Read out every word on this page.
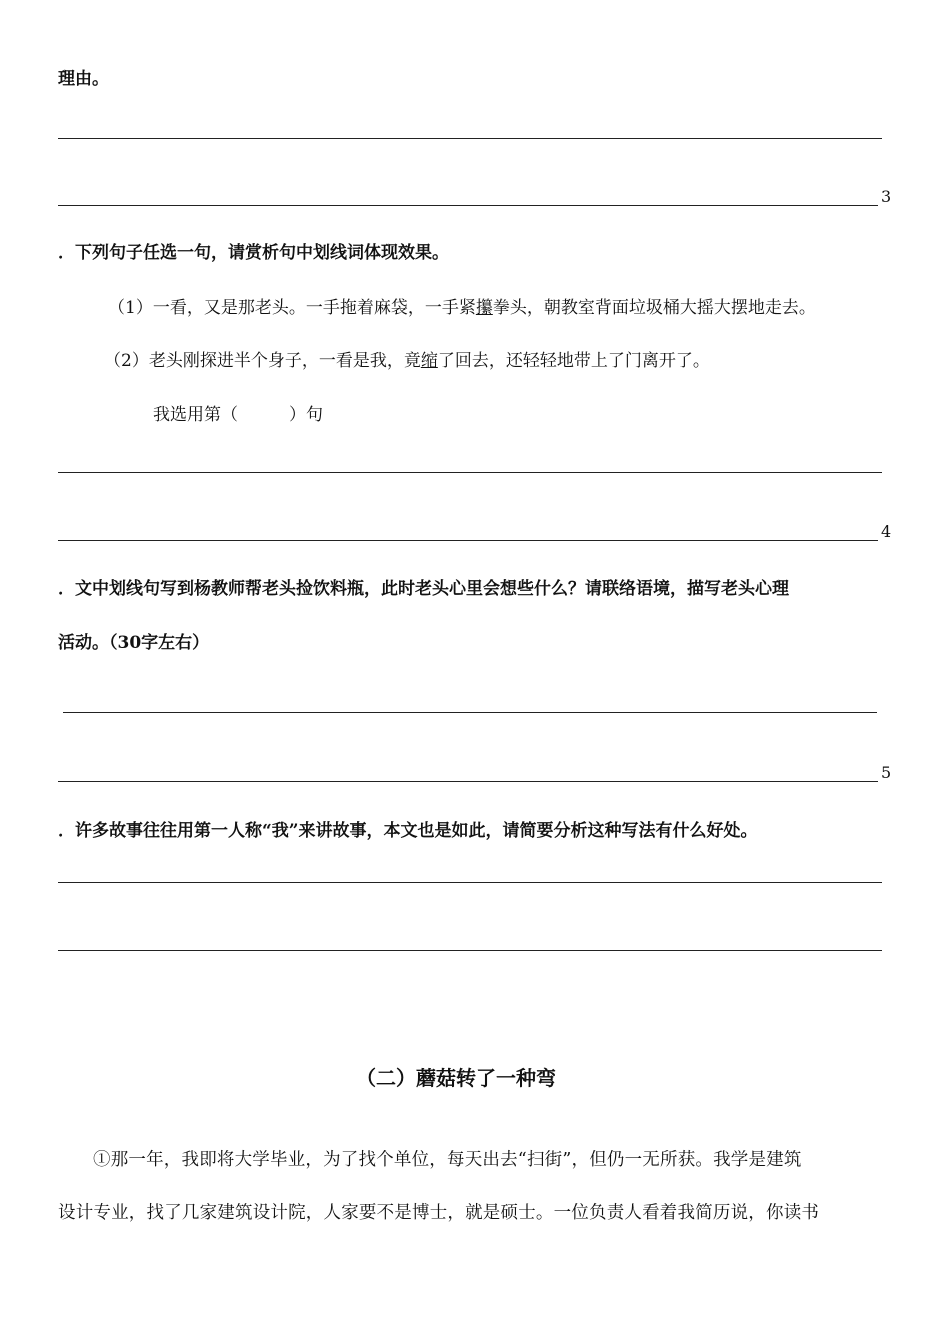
理由。
3
．下列句子任选一句，请赏析句中划线词体现效果。
（1）一看，又是那老头。一手拖着麻袋，一手紧攥拳头，朝教室背面垃圾桶大摇大摆地走去。
（2）老头刚探进半个身子，一看是我，竟缩了回去，还轻轻地带上了门离开了。
我选用第（　　　）句
4
．文中划线句写到杨教师帮老头捡饮料瓶，此时老头心里会想些什么？请联络语境，描写老头心理
活动。（30字左右）
5
．许多故事往往用第一人称“我”来讲故事，本文也是如此，请简要分析这种写法有什么好处。
（二）蘑菇转了一种弯
①那一年，我即将大学毕业，为了找个单位，每天出去“扫街”，但仍一无所获。我学是建筑
设计专业，找了几家建筑设计院，人家要不是博士，就是硕士。一位负责人看着我简历说，你读书
